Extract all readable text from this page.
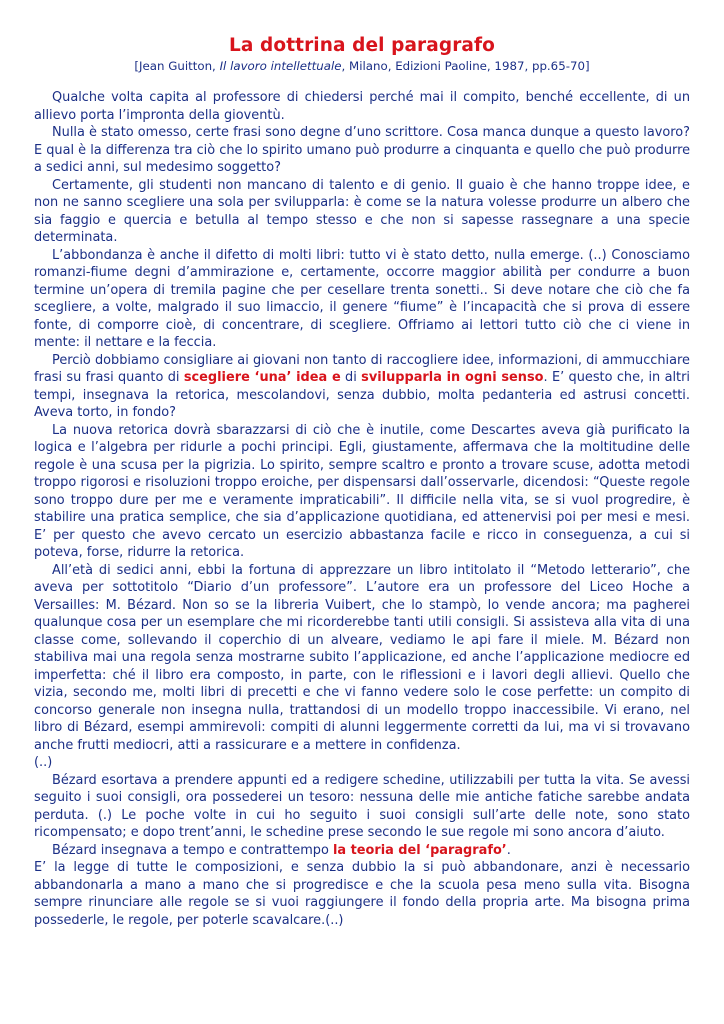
La dottrina del paragrafo
[Jean Guitton, Il lavoro intellettuale, Milano, Edizioni Paoline, 1987, pp.65-70]

Qualche volta capita al professore di chiedersi perché mai il compito, benché eccellente, di un allievo porta l’impronta della gioventù.

Nulla è stato omesso, certe frasi sono degne d’uno scrittore. Cosa manca dunque a questo lavoro? E qual è la differenza tra ciò che lo spirito umano può produrre a cinquanta e quello che può produrre a sedici anni, sul medesimo soggetto?

Certamente, gli studenti non mancano di talento e di genio. Il guaio è che hanno troppe idee, e non ne sanno scegliere una sola per svilupparla: è come se la natura volesse produrre un albero che sia faggio e quercia e betulla al tempo stesso e che non si sapesse rassegnare a una specie determinata.

L’abbondanza è anche il difetto di molti libri: tutto vi è stato detto, nulla emerge. (..) Conosciamo romanzi-fiume degni d’ammirazione e, certamente, occorre maggior abilità per condurre a buon termine un’opera di tremila pagine che per cesellare trenta sonetti.. Si deve notare che ciò che fa scegliere, a volte, malgrado il suo limaccio, il genere “fiume” è l’incapacità che si prova di essere fonte, di comporre cioè, di concentrare, di scegliere. Offriamo ai lettori tutto ciò che ci viene in mente: il nettare e la feccia.

Perciò dobbiamo consigliare ai giovani non tanto di raccogliere idee, informazioni, di ammucchiare frasi su frasi quanto di scegliere ‘una’ idea e di svilupparla in ogni senso. E’ questo che, in altri tempi, insegnava la retorica, mescolandovi, senza dubbio, molta pedanteria ed astrusi concetti. Aveva torto, in fondo?

La nuova retorica dovrà sbarazzarsi di ciò che è inutile, come Descartes aveva già purificato la logica e l’algebra per ridurle a pochi principi. Egli, giustamente, affermava che la moltitudine delle regole è una scusa per la pigrizia. Lo spirito, sempre scaltro e pronto a trovare scuse, adotta metodi troppo rigorosi e risoluzioni troppo eroiche, per dispensarsi dall’osservarle, dicendosi: “Queste regole sono troppo dure per me e veramente impraticabili”. Il difficile nella vita, se si vuol progredire, è stabilire una pratica semplice, che sia d’applicazione quotidiana, ed attenervisi poi per mesi e mesi. E’ per questo che avevo cercato un esercizio abbastanza facile e ricco in conseguenza, a cui si poteva, forse, ridurre la retorica.

All’età di sedici anni, ebbi la fortuna di apprezzare un libro intitolato il “Metodo letterario”, che aveva per sottotitolo “Diario d’un professore”. L’autore era un professore del Liceo Hoche a Versailles: M. Bézard. Non so se la libreria Vuibert, che lo stampò, lo vende ancora; ma pagherei qualunque cosa per un esemplare che mi ricorderebbe tanti utili consigli. Si assisteva alla vita di una classe come, sollevando il coperchio di un alveare, vediamo le api fare il miele. M. Bézard non stabiliva mai una regola senza mostrarne subito l’applicazione, ed anche l’applicazione mediocre ed imperfetta: ché il libro era composto, in parte, con le riflessioni e i lavori degli allievi. Quello che vizia, secondo me, molti libri di precetti e che vi fanno vedere solo le cose perfette: un compito di concorso generale non insegna nulla, trattandosi di un modello troppo inaccessibile. Vi erano, nel libro di Bézard, esempi ammirevoli: compiti di alunni leggermente corretti da lui, ma vi si trovavano anche frutti mediocri, atti a rassicurare e a mettere in confidenza.

(..)

Bézard esortava a prendere appunti ed a redigere schedine, utilizzabili per tutta la vita. Se avessi seguito i suoi consigli, ora possederei un tesoro: nessuna delle mie antiche fatiche sarebbe andata perduta. (.) Le poche volte in cui ho seguito i suoi consigli sull’arte delle note, sono stato ricompensato; e dopo trent’anni, le schedine prese secondo le sue regole mi sono ancora d’aiuto.

Bézard insegnava a tempo e contrattempo la teoria del ‘paragrafo’.

E’ la legge di tutte le composizioni, e senza dubbio la si può abbandonare, anzi è necessario abbandonarla a mano a mano che si progredisce e che la scuola pesa meno sulla vita. Bisogna sempre rinunciare alle regole se si vuoi raggiungere il fondo della propria arte. Ma bisogna prima possederle, le regole, per poterle scavalcare.(..)
